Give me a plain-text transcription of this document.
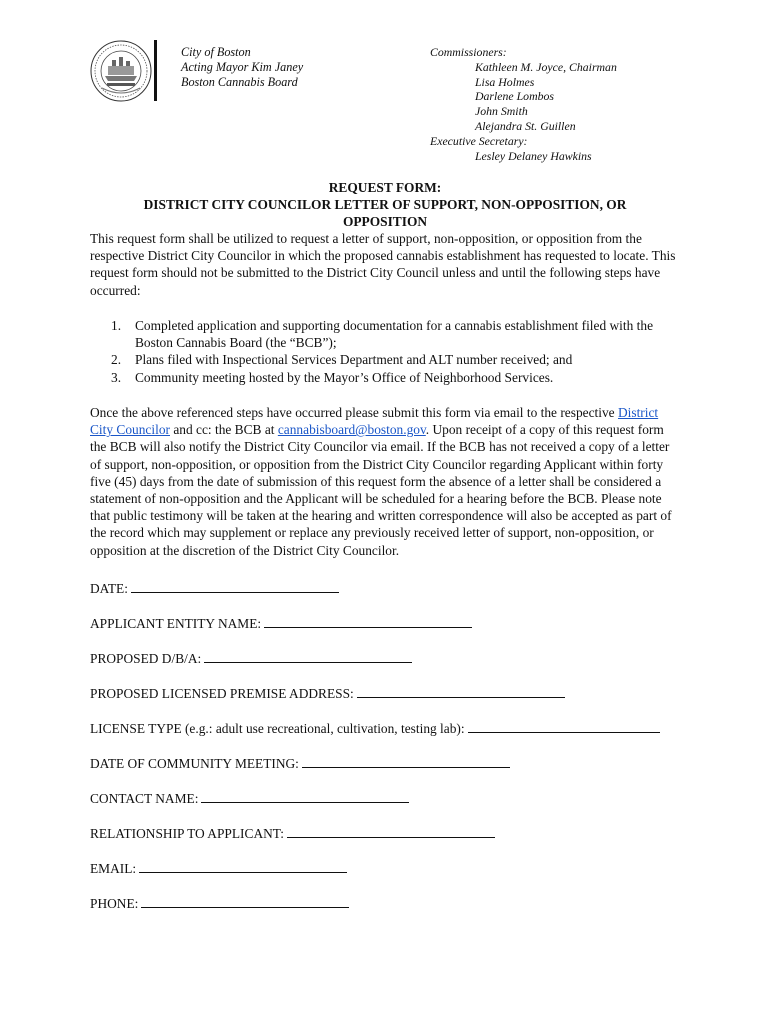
City of Boston
Acting Mayor Kim Janey
Boston Cannabis Board
Commissioners:
Kathleen M. Joyce, Chairman
Lisa Holmes
Darlene Lombos
John Smith
Alejandra St. Guillen
Executive Secretary:
Lesley Delaney Hawkins
REQUEST FORM:
DISTRICT CITY COUNCILOR LETTER OF SUPPORT, NON-OPPOSITION, OR
OPPOSITION
This request form shall be utilized to request a letter of support, non-opposition, or opposition from the respective District City Councilor in which the proposed cannabis establishment has requested to locate. This request form should not be submitted to the District City Council unless and until the following steps have occurred:
1. Completed application and supporting documentation for a cannabis establishment filed with the Boston Cannabis Board (the “BCB”);
2. Plans filed with Inspectional Services Department and ALT number received; and
3. Community meeting hosted by the Mayor’s Office of Neighborhood Services.
Once the above referenced steps have occurred please submit this form via email to the respective District City Councilor and cc: the BCB at cannabisboard@boston.gov. Upon receipt of a copy of this request form the BCB will also notify the District City Councilor via email. If the BCB has not received a copy of a letter of support, non-opposition, or opposition from the District City Councilor regarding Applicant within forty five (45) days from the date of submission of this request form the absence of a letter shall be considered a statement of non-opposition and the Applicant will be scheduled for a hearing before the BCB. Please note that public testimony will be taken at the hearing and written correspondence will also be accepted as part of the record which may supplement or replace any previously received letter of support, non-opposition, or opposition at the discretion of the District City Councilor.
DATE:
APPLICANT ENTITY NAME:
PROPOSED D/B/A:
PROPOSED LICENSED PREMISE ADDRESS:
LICENSE TYPE (e.g.: adult use recreational, cultivation, testing lab):
DATE OF COMMUNITY MEETING:
CONTACT NAME:
RELATIONSHIP TO APPLICANT:
EMAIL:
PHONE:
